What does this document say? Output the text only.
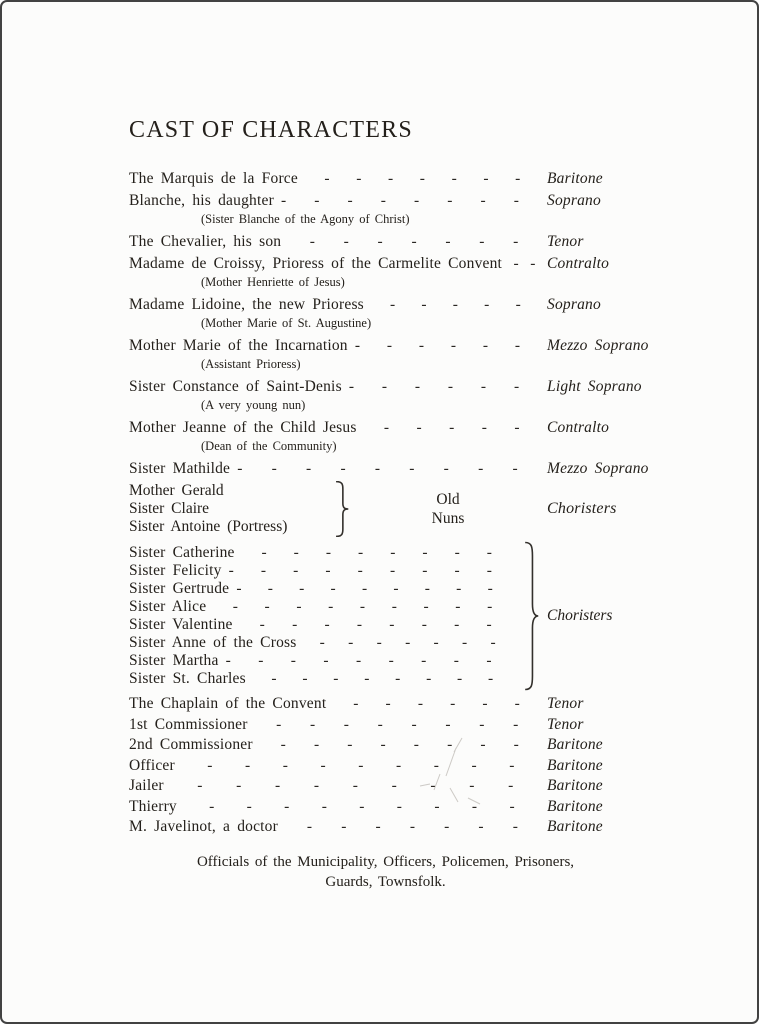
CAST OF CHARACTERS
The Marquis de la Force - - - - - - - Baritone
Blanche, his daughter - - - - - - - - Soprano
(Sister Blanche of the Agony of Christ)
The Chevalier, his son - - - - - - - Tenor
Madame de Croissy, Prioress of the Carmelite Convent - - Contralto
(Mother Henriette of Jesus)
Madame Lidoine, the new Prioress - - - - - Soprano
(Mother Marie of St. Augustine)
Mother Marie of the Incarnation - - - - - - Mezzo Soprano
(Assistant Prioress)
Sister Constance of Saint-Denis - - - - - - Light Soprano
(A very young nun)
Mother Jeanne of the Child Jesus - - - - - Contralto
(Dean of the Community)
Sister Mathilde - - - - - - - - - Mezzo Soprano
Mother Gerald
Sister Claire
Sister Antoine (Portress)
Old
Nuns
Choristers
Sister Catherine - - - - - - - -
Sister Felicity - - - - - - - - -
Sister Gertrude - - - - - - - - -
Sister Alice - - - - - - - - -
Sister Valentine - - - - - - - -
Sister Anne of the Cross - - - - - - -
Sister Martha - - - - - - - - -
Sister St. Charles - - - - - - - -
Choristers
The Chaplain of the Convent - - - - - - Tenor
1st Commissioner - - - - - - - - Tenor
2nd Commissioner - - - - - - - - Baritone
Officer - - - - - - - - - Baritone
Jailer - - - - - - - - - Baritone
Thierry - - - - - - - - - Baritone
M. Javelinot, a doctor - - - - - - - Baritone
Officials of the Municipality, Officers, Policemen, Prisoners,
Guards, Townsfolk.
